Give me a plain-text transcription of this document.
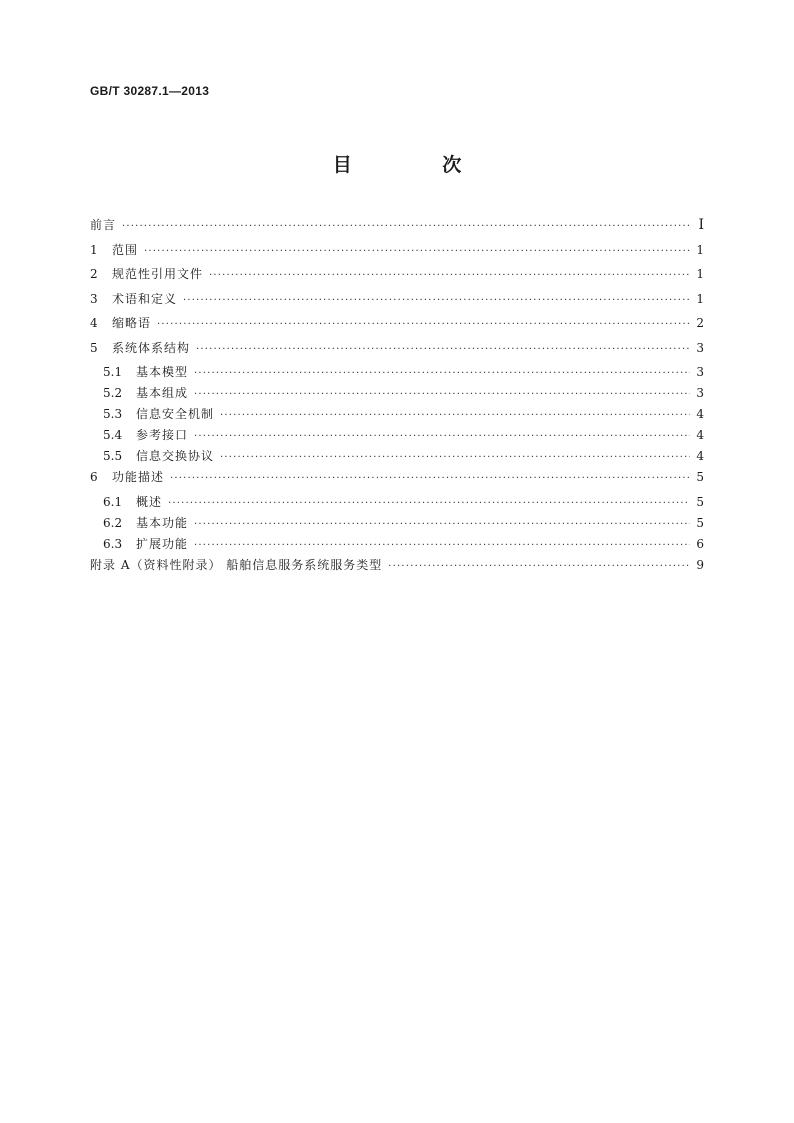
GB/T 30287.1—2013
目 次
前言 ·····	I
1	范围 ·····	1
2	规范性引用文件 ·····	1
3	术语和定义 ·····	1
4	缩略语 ·····	2
5	系统体系结构 ·····	3
5.1	基本模型 ·····	3
5.2	基本组成 ·····	3
5.3	信息安全机制 ·····	4
5.4	参考接口 ·····	4
5.5	信息交换协议 ·····	4
6	功能描述 ·····	5
6.1	概述 ·····	5
6.2	基本功能 ·····	5
6.3	扩展功能 ·····	6
附录 A（资料性附录） 船舶信息服务系统服务类型 ·····	9
